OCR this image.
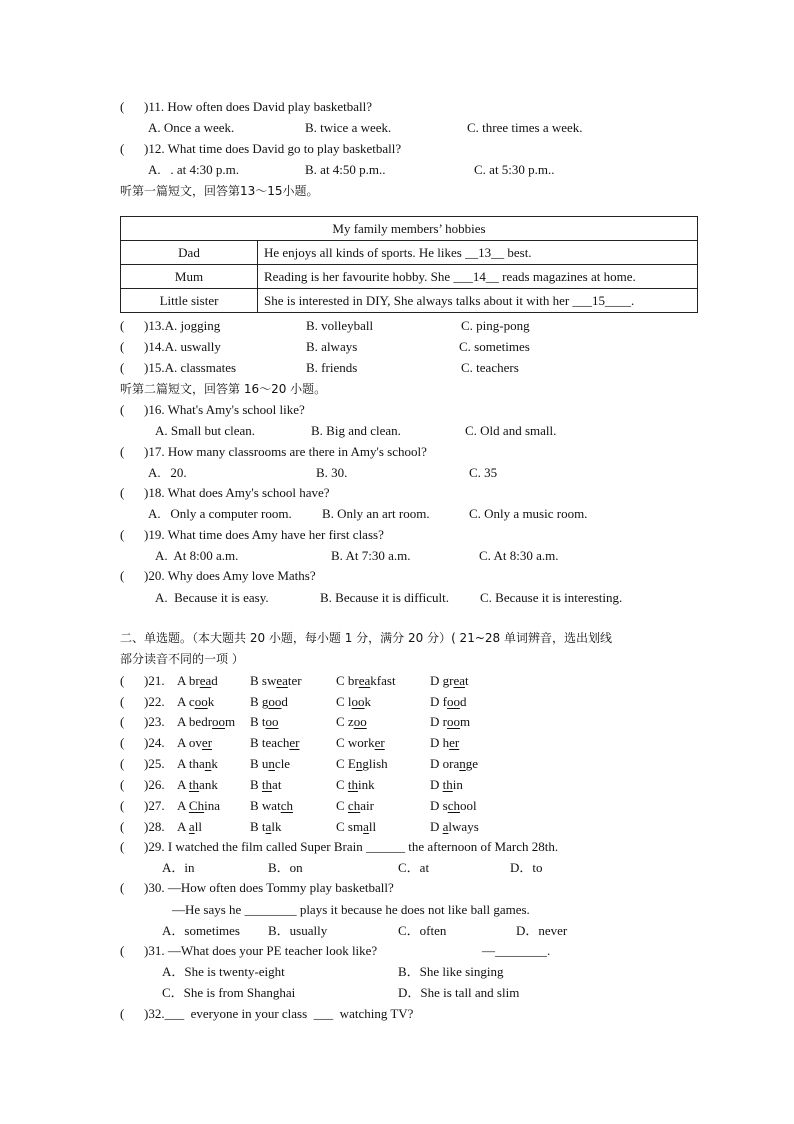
( )11. How often does David play basketball?
A. Once a week.	B. twice a week.	C. three times a week.
( )12. What time does David go to play basketball?
A.   . at 4:30 p.m.	B. at 4:50 p.m..	C. at 5:30 p.m..
听第一篇短文，回答第13～15小题。
My family members’ hobbies	
Dad	He enjoys all kinds of sports. He likes __13__ best.
Mum	Reading is her favourite hobby. She ___14__ reads magazines at home.
Little sister	She is interested in DIY, She always talks about it with her ___15____.
( )13.A. jogging	B. volleyball	C. ping-pong
( )14.A. uswally	B. always	C. sometimes
( )15.A. classmates	B. friends	C. teachers
听第二篇短文，回答第 16～20 小题。
( )16. What's Amy's school like?
A. Small but clean.	B. Big and clean.	C. Old and small.
( )17. How many classrooms are there in Amy's school?
A.   20.	B. 30.	C. 35
( )18. What does Amy's school have?
A.   Only a computer room. B. Only an art room.	C. Only a music room.
( )19. What time does Amy have her first class?
A.  At 8:00 a.m.	B. At 7:30 a.m.	C. At 8:30 a.m.
( )20. Why does Amy love Maths?
A.  Because it is easy.	B. Because it is difficult. C. Because it is interesting.
二、单选题。（本大题共 20 小题，每小题 1 分，满分 20 分）( 21~28 单词辨音，选出划线
部分读音不同的一项 ）
( )21. A bread B sweater	C breakfast	D great
( )22. A cook	B good	C look	D food
( )23. A bedroom B too	C zoo	D room
( )24. A over	B teacher	C worker	D her
( )25. A thank B uncle	C English	D orange
( )26. A thank B that	C think	D thin
( )27. A China B watch	C chair	D school
( )28. A all	B talk	C small	D always
( )29. I watched the film called Super Brain ______ the afternoon of March 28th.
A．in	B．on	C．at	D．to
( )30. —How often does Tommy play basketball?
—He says he ________ plays it because he does not like ball games.
A．sometimes B．usually	C．often	D．never
( )31. —What does your PE teacher look like?	—________.
A．She is twenty-eight	B．She like singing
C．She is from Shanghai	D．She is tall and slim
( )32.___  everyone in your class  ___  watching TV?
